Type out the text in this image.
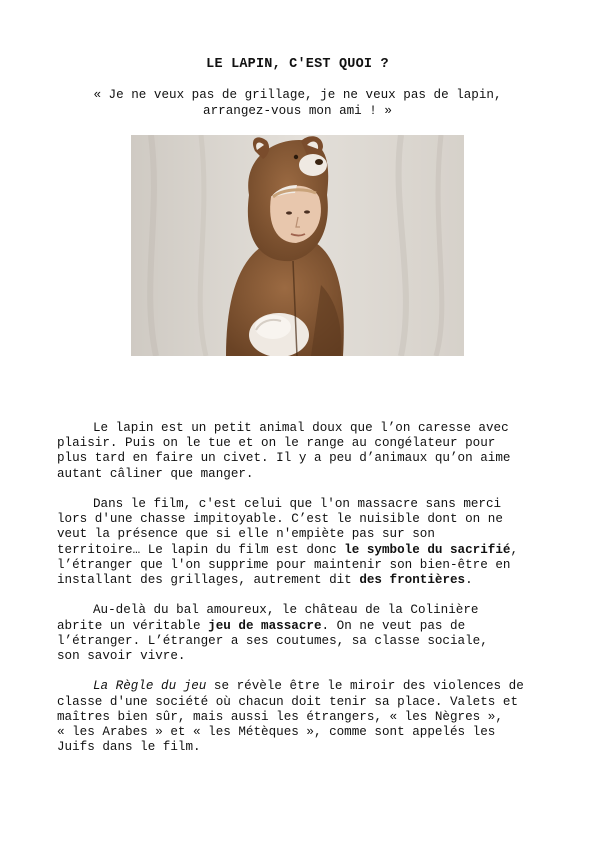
LE LAPIN, C'EST QUOI ?
« Je ne veux pas de grillage, je ne veux pas de lapin,
arrangez-vous mon ami ! »

Le lapin est un petit animal doux que l’on caresse avec
plaisir. Puis on le tue et on le range au congélateur pour
plus tard en faire un civet. Il y a peu d’animaux qu’on aime
autant câliner que manger.

Dans le film, c'est celui que l'on massacre sans merci
lors d'une chasse impitoyable. C’est le nuisible dont on ne
veut la présence que si elle n'empiète pas sur son
territoire… Le lapin du film est donc le symbole du sacrifié,
l’étranger que l'on supprime pour maintenir son bien-être en
installant des grillages, autrement dit des frontières.

Au-delà du bal amoureux, le château de la Colinière
abrite un véritable jeu de massacre. On ne veut pas de
l’étranger. L’étranger a ses coutumes, sa classe sociale,
son savoir vivre.

La Règle du jeu se révèle être le miroir des violences de
classe d'une société où chacun doit tenir sa place. Valets et
maîtres bien sûr, mais aussi les étrangers, « les Nègres »,
« les Arabes » et « les Métèques », comme sont appelés les
Juifs dans le film.
